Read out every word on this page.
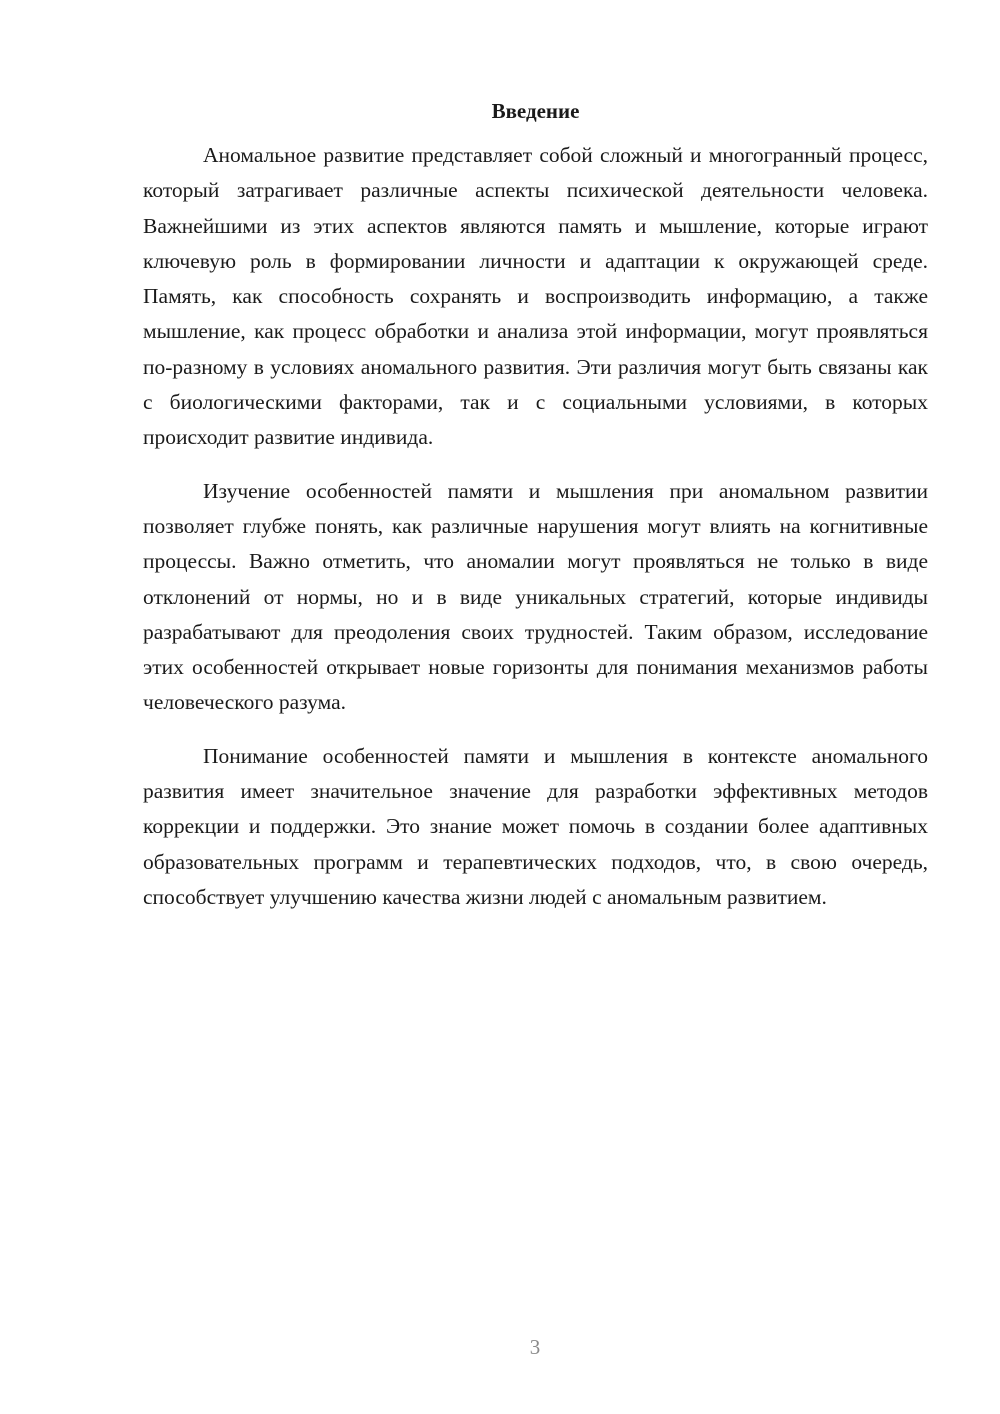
Введение

Аномальное развитие представляет собой сложный и многогранный процесс, который затрагивает различные аспекты психической деятельности человека. Важнейшими из этих аспектов являются память и мышление, которые играют ключевую роль в формировании личности и адаптации к окружающей среде. Память, как способность сохранять и воспроизводить информацию, а также мышление, как процесс обработки и анализа этой информации, могут проявляться по-разному в условиях аномального развития. Эти различия могут быть связаны как с биологическими факторами, так и с социальными условиями, в которых происходит развитие индивида.

Изучение особенностей памяти и мышления при аномальном развитии позволяет глубже понять, как различные нарушения могут влиять на когнитивные процессы. Важно отметить, что аномалии могут проявляться не только в виде отклонений от нормы, но и в виде уникальных стратегий, которые индивиды разрабатывают для преодоления своих трудностей. Таким образом, исследование этих особенностей открывает новые горизонты для понимания механизмов работы человеческого разума.

Понимание особенностей памяти и мышления в контексте аномального развития имеет значительное значение для разработки эффективных методов коррекции и поддержки. Это знание может помочь в создании более адаптивных образовательных программ и терапевтических подходов, что, в свою очередь, способствует улучшению качества жизни людей с аномальным развитием.

3
